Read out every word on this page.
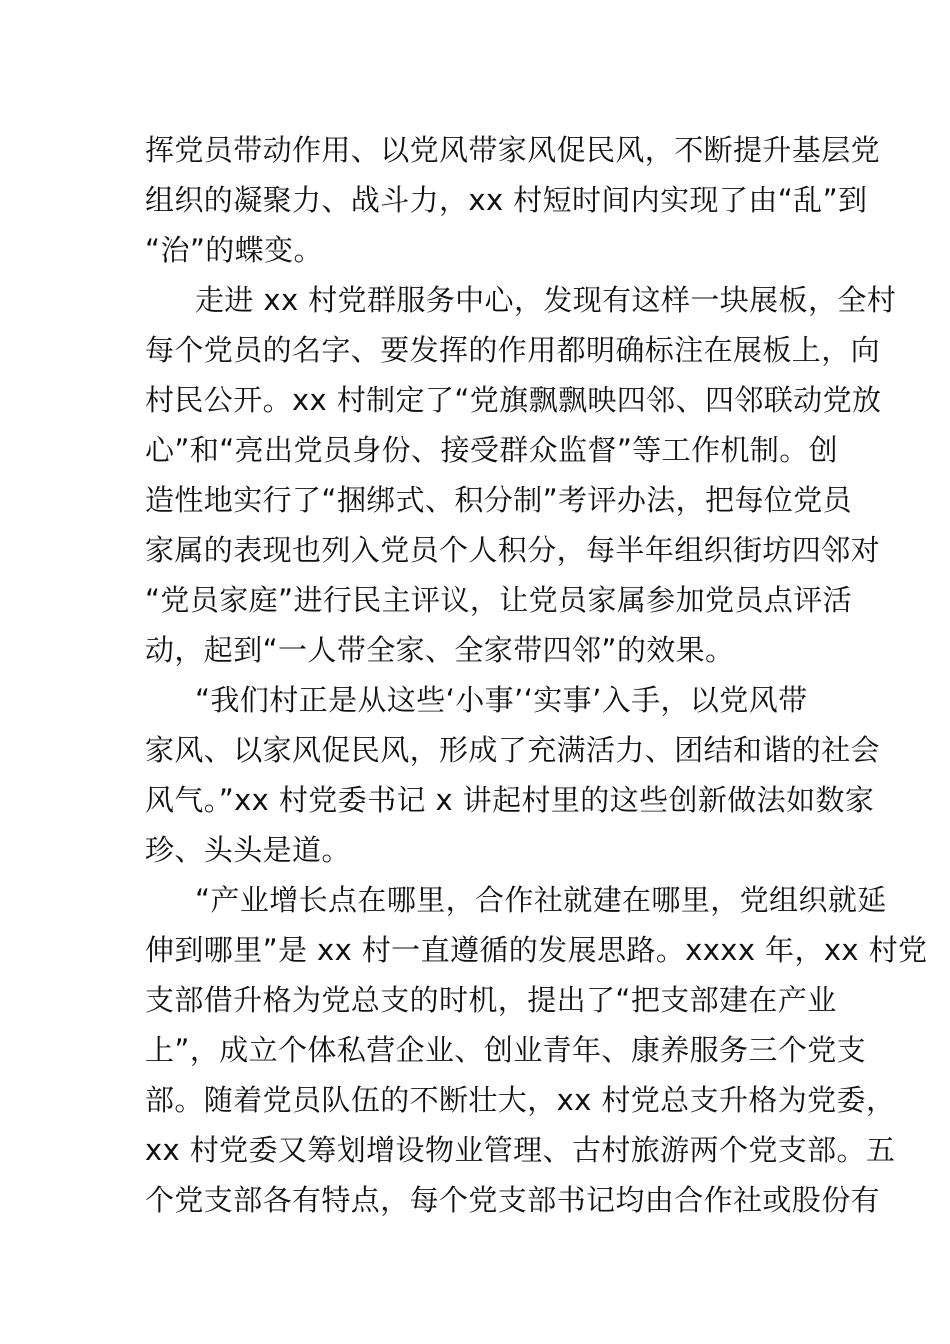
挥党员带动作用、以党风带家风促民风，不断提升基层党
组织的凝聚力、战斗力，xx 村短时间内实现了由“乱”到
“治”的蝶变。
走进 xx 村党群服务中心，发现有这样一块展板，全村
每个党员的名字、要发挥的作用都明确标注在展板上，向
村民公开。xx 村制定了“党旗飘飘映四邻、四邻联动党放
心”和“亮出党员身份、接受群众监督”等工作机制。创
造性地实行了“捆绑式、积分制”考评办法，把每位党员
家属的表现也列入党员个人积分，每半年组织街坊四邻对
“党员家庭”进行民主评议，让党员家属参加党员点评活
动，起到“一人带全家、全家带四邻”的效果。
“我们村正是从这些‘小事’‘实事’入手，以党风带
家风、以家风促民风，形成了充满活力、团结和谐的社会
风气。”xx 村党委书记 x 讲起村里的这些创新做法如数家
珍、头头是道。
“产业增长点在哪里，合作社就建在哪里，党组织就延
伸到哪里”是 xx 村一直遵循的发展思路。xxxx 年，xx 村党
支部借升格为党总支的时机，提出了“把支部建在产业
上”，成立个体私营企业、创业青年、康养服务三个党支
部。随着党员队伍的不断壮大，xx 村党总支升格为党委，
xx 村党委又筹划增设物业管理、古村旅游两个党支部。五
个党支部各有特点，每个党支部书记均由合作社或股份有
